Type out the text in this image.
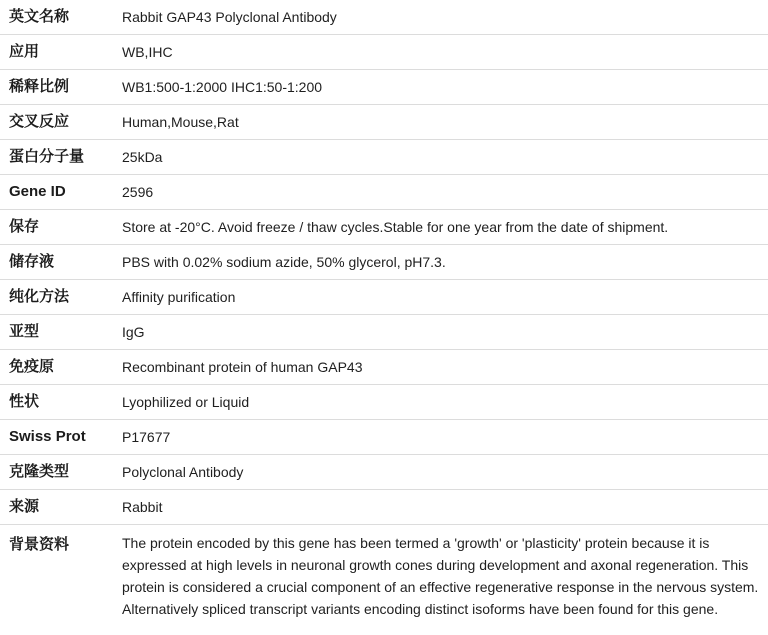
英文名称	Rabbit GAP43 Polyclonal Antibody
应用	WB,IHC
稀释比例	WB1:500-1:2000 IHC1:50-1:200
交叉反应	Human,Mouse,Rat
蛋白分子量	25kDa
Gene ID	2596
保存	Store at -20°C. Avoid freeze / thaw cycles.Stable for one year from the date of shipment.
储存液	PBS with 0.02% sodium azide, 50% glycerol, pH7.3.
纯化方法	Affinity purification
亚型	IgG
免疫原	Recombinant protein of human GAP43
性状	Lyophilized or Liquid
Swiss Prot	P17677
克隆类型	Polyclonal Antibody
来源	Rabbit
背景资料	The protein encoded by this gene has been termed a 'growth' or 'plasticity' protein because it is expressed at high levels in neuronal growth cones during development and axonal regeneration. This protein is considered a crucial component of an effective regenerative response in the nervous system. Alternatively spliced transcript variants encoding distinct isoforms have been found for this gene.
